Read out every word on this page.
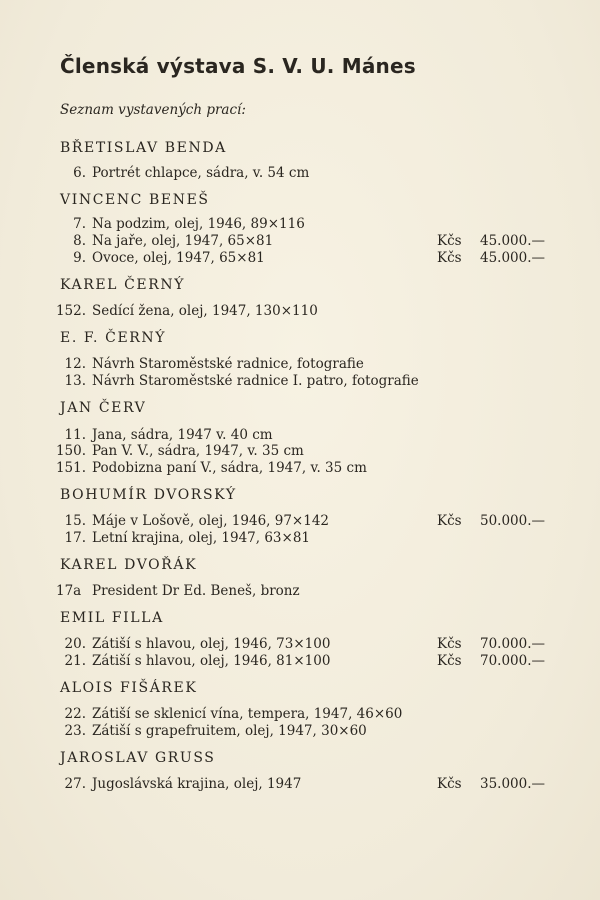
Členská výstava S. V. U. Mánes
Seznam vystavených prací:
BŘETISLAV BENDA
6. Portrét chlapce, sádra, v. 54 cm
VINCENC BENEŠ
7. Na podzim, olej, 1946, 89×116
8. Na jaře, olej, 1947, 65×81	Kčs 45.000.—
9. Ovoce, olej, 1947, 65×81	Kčs 45.000.—
KAREL ČERNÝ
152. Sedící žena, olej, 1947, 130×110
E. F. ČERNÝ
12. Návrh Staroměstské radnice, fotografie
13. Návrh Staroměstské radnice I. patro, fotografie
JAN ČERV
11. Jana, sádra, 1947 v. 40 cm
150. Pan V. V., sádra, 1947, v. 35 cm
151. Podobizna paní V., sádra, 1947, v. 35 cm
BOHUMÍR DVORSKÝ
15. Máje v Lošově, olej, 1946, 97×142	Kčs 50.000.—
17. Letní krajina, olej, 1947, 63×81
KAREL DVOŘÁK
17a President Dr Ed. Beneš, bronz
EMIL FILLA
20. Zátiší s hlavou, olej, 1946, 73×100	Kčs 70.000.—
21. Zátiší s hlavou, olej, 1946, 81×100	Kčs 70.000.—
ALOIS FIŠÁREK
22. Zátiší se sklenicí vína, tempera, 1947, 46×60
23. Zátiší s grapefruitem, olej, 1947, 30×60
JAROSLAV GRUSS
27. Jugoslávská krajina, olej, 1947	Kčs 35.000.—
